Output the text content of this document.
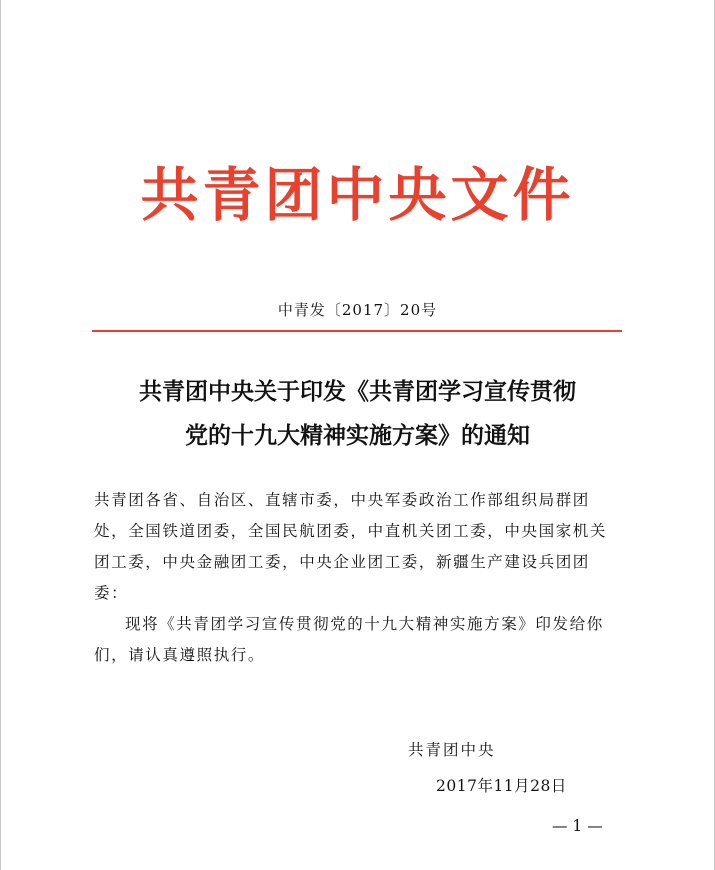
共青团中央文件
中青发〔2017〕20号
共青团中央关于印发《共青团学习宣传贯彻
党的十九大精神实施方案》的通知

共青团各省、自治区、直辖市委，中央军委政治工作部组织局群团处，全国铁道团委，全国民航团委，中直机关团工委，中央国家机关团工委，中央金融团工委，中央企业团工委，新疆生产建设兵团团委：

现将《共青团学习宣传贯彻党的十九大精神实施方案》印发给你们，请认真遵照执行。

共青团中央
2017年11月28日
— 1 —
